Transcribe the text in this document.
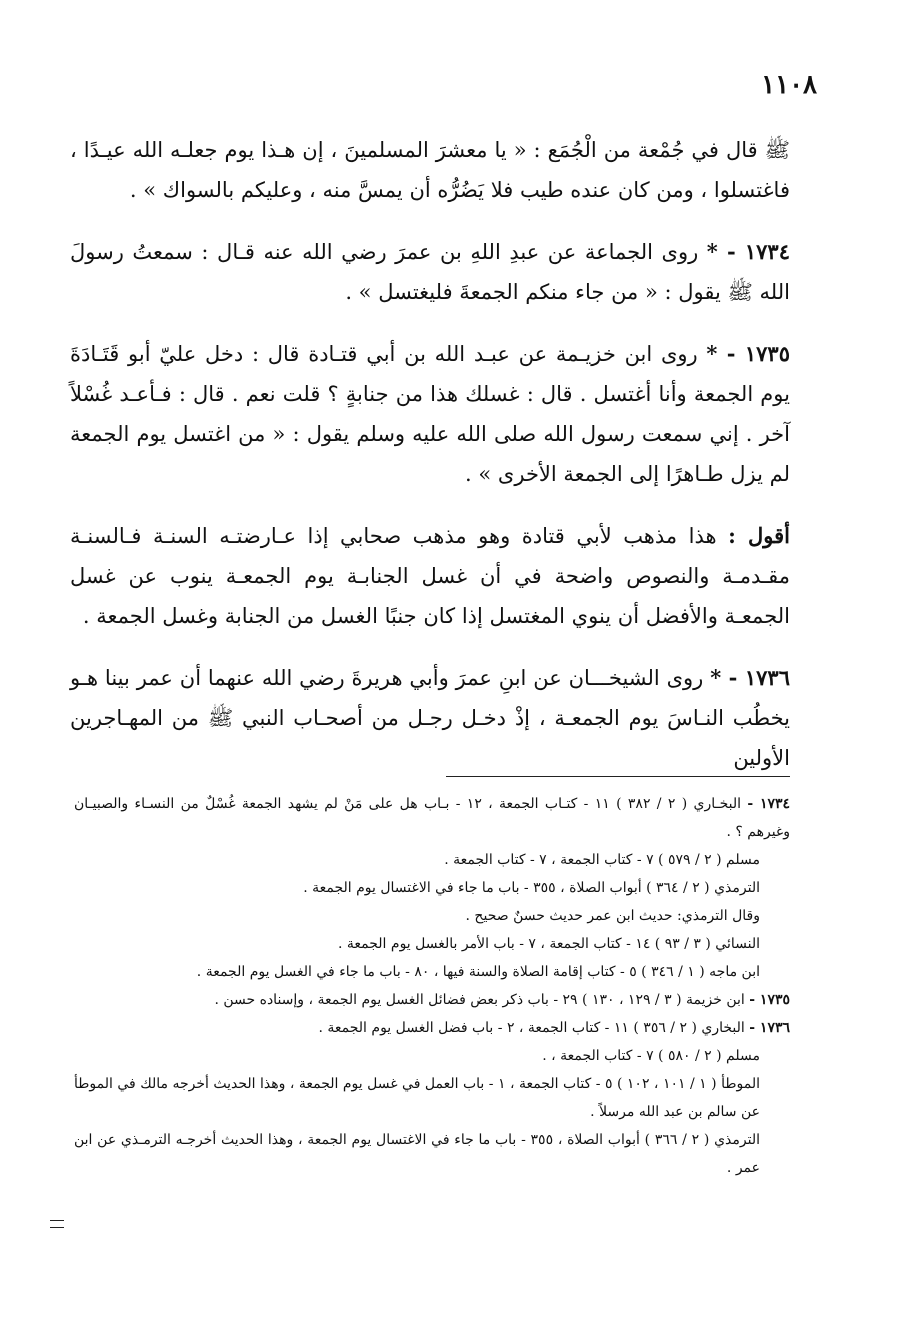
١١٠٨

ﷺ قال في جُمْعة من الْجُمَع : « يا معشرَ المسلمينَ ، إن هـذا يوم جعلـه الله عيـدًا ، فاغتسلوا ، ومن كان عنده طيب فلا يَضُرُّه أن يمسَّ منه ، وعليكم بالسواك » .

١٧٣٤ - * روى الجماعة عن عبدِ اللهِ بن عمرَ رضي الله عنه قـال : سمعتُ رسولَ الله ﷺ يقول : « من جاء منكم الجمعةَ فليغتسل » .

١٧٣٥ - * روى ابن خزيـمة عن عبـد الله بن أبي قتـادة قال : دخل عليّ أبو قَتَـادَةَ يوم الجمعة وأنا أغتسل . قال : غسلك هذا من جنابةٍ ؟ قلت نعم . قال : فـأعـد غُسْلاً آخر . إني سمعت رسول الله صلى الله عليه وسلم يقول : « من اغتسل يوم الجمعة لم يزل طـاهرًا إلى الجمعة الأخرى » .

أقول : هذا مذهب لأبي قتادة وهو مذهب صحابي إذا عـارضتـه السنـة فـالسنـة مقـدمـة والنصوص واضحة في أن غسل الجنابـة يوم الجمعـة ينوب عن غسل الجمعـة والأفضل أن ينوي المغتسل إذا كان جنبًا الغسل من الجنابة وغسل الجمعة .

١٧٣٦ - * روى الشيخـــان عن ابنِ عمرَ وأبي هريرةَ رضي الله عنهما أن عمر بينا هـو يخطُب النـاسَ يوم الجمعـة ، إذْ دخـل رجـل من أصحـاب النبي ﷺ من المهـاجرين الأولين

١٧٣٤ - البخـاري ( ٢ / ٣٨٢ ) ١١ - كتـاب الجمعة ، ١٢ - بـاب هل على مَنْ لم يشهد الجمعة غُسْلٌ من النسـاء والصبيـان وغيرهم ؟ .

مسلم ( ٢ / ٥٧٩ ) ٧ - كتاب الجمعة ، ٧ - كتاب الجمعة .

الترمذي ( ٢ / ٣٦٤ ) أبواب الصلاة ، ٣٥٥ - باب ما جاء في الاغتسال يوم الجمعة .

وقال الترمذي: حديث ابن عمر حديث حسنٌ صحيح .

النسائي ( ٣ / ٩٣ ) ١٤ - كتاب الجمعة ، ٧ - باب الأمر بالغسل يوم الجمعة .

ابن ماجه ( ١ / ٣٤٦ ) ٥ - كتاب إقامة الصلاة والسنة فيها ، ٨٠ - باب ما جاء في الغسل يوم الجمعة .

١٧٣٥ - ابن خزيمة ( ٣ / ١٢٩ ، ١٣٠ ) ٢٩ - باب ذكر بعض فضائل الغسل يوم الجمعة ، وإسناده حسن .

١٧٣٦ - البخاري ( ٢ / ٣٥٦ ) ١١ - كتاب الجمعة ، ٢ - باب فضل الغسل يوم الجمعة .

مسلم ( ٢ / ٥٨٠ ) ٧ - كتاب الجمعة ، .

الموطأ ( ١ / ١٠١ ، ١٠٢ ) ٥ - كتاب الجمعة ، ١ - باب العمل في غسل يوم الجمعة ، وهذا الحديث أخرجه مالك في الموطأ عن سالم بن عبد الله مرسلاً .

الترمذي ( ٢ / ٣٦٦ ) أبواب الصلاة ، ٣٥٥ - باب ما جاء في الاغتسال يوم الجمعة ، وهذا الحديث أخرجـه الترمـذي عن ابن عمر .
